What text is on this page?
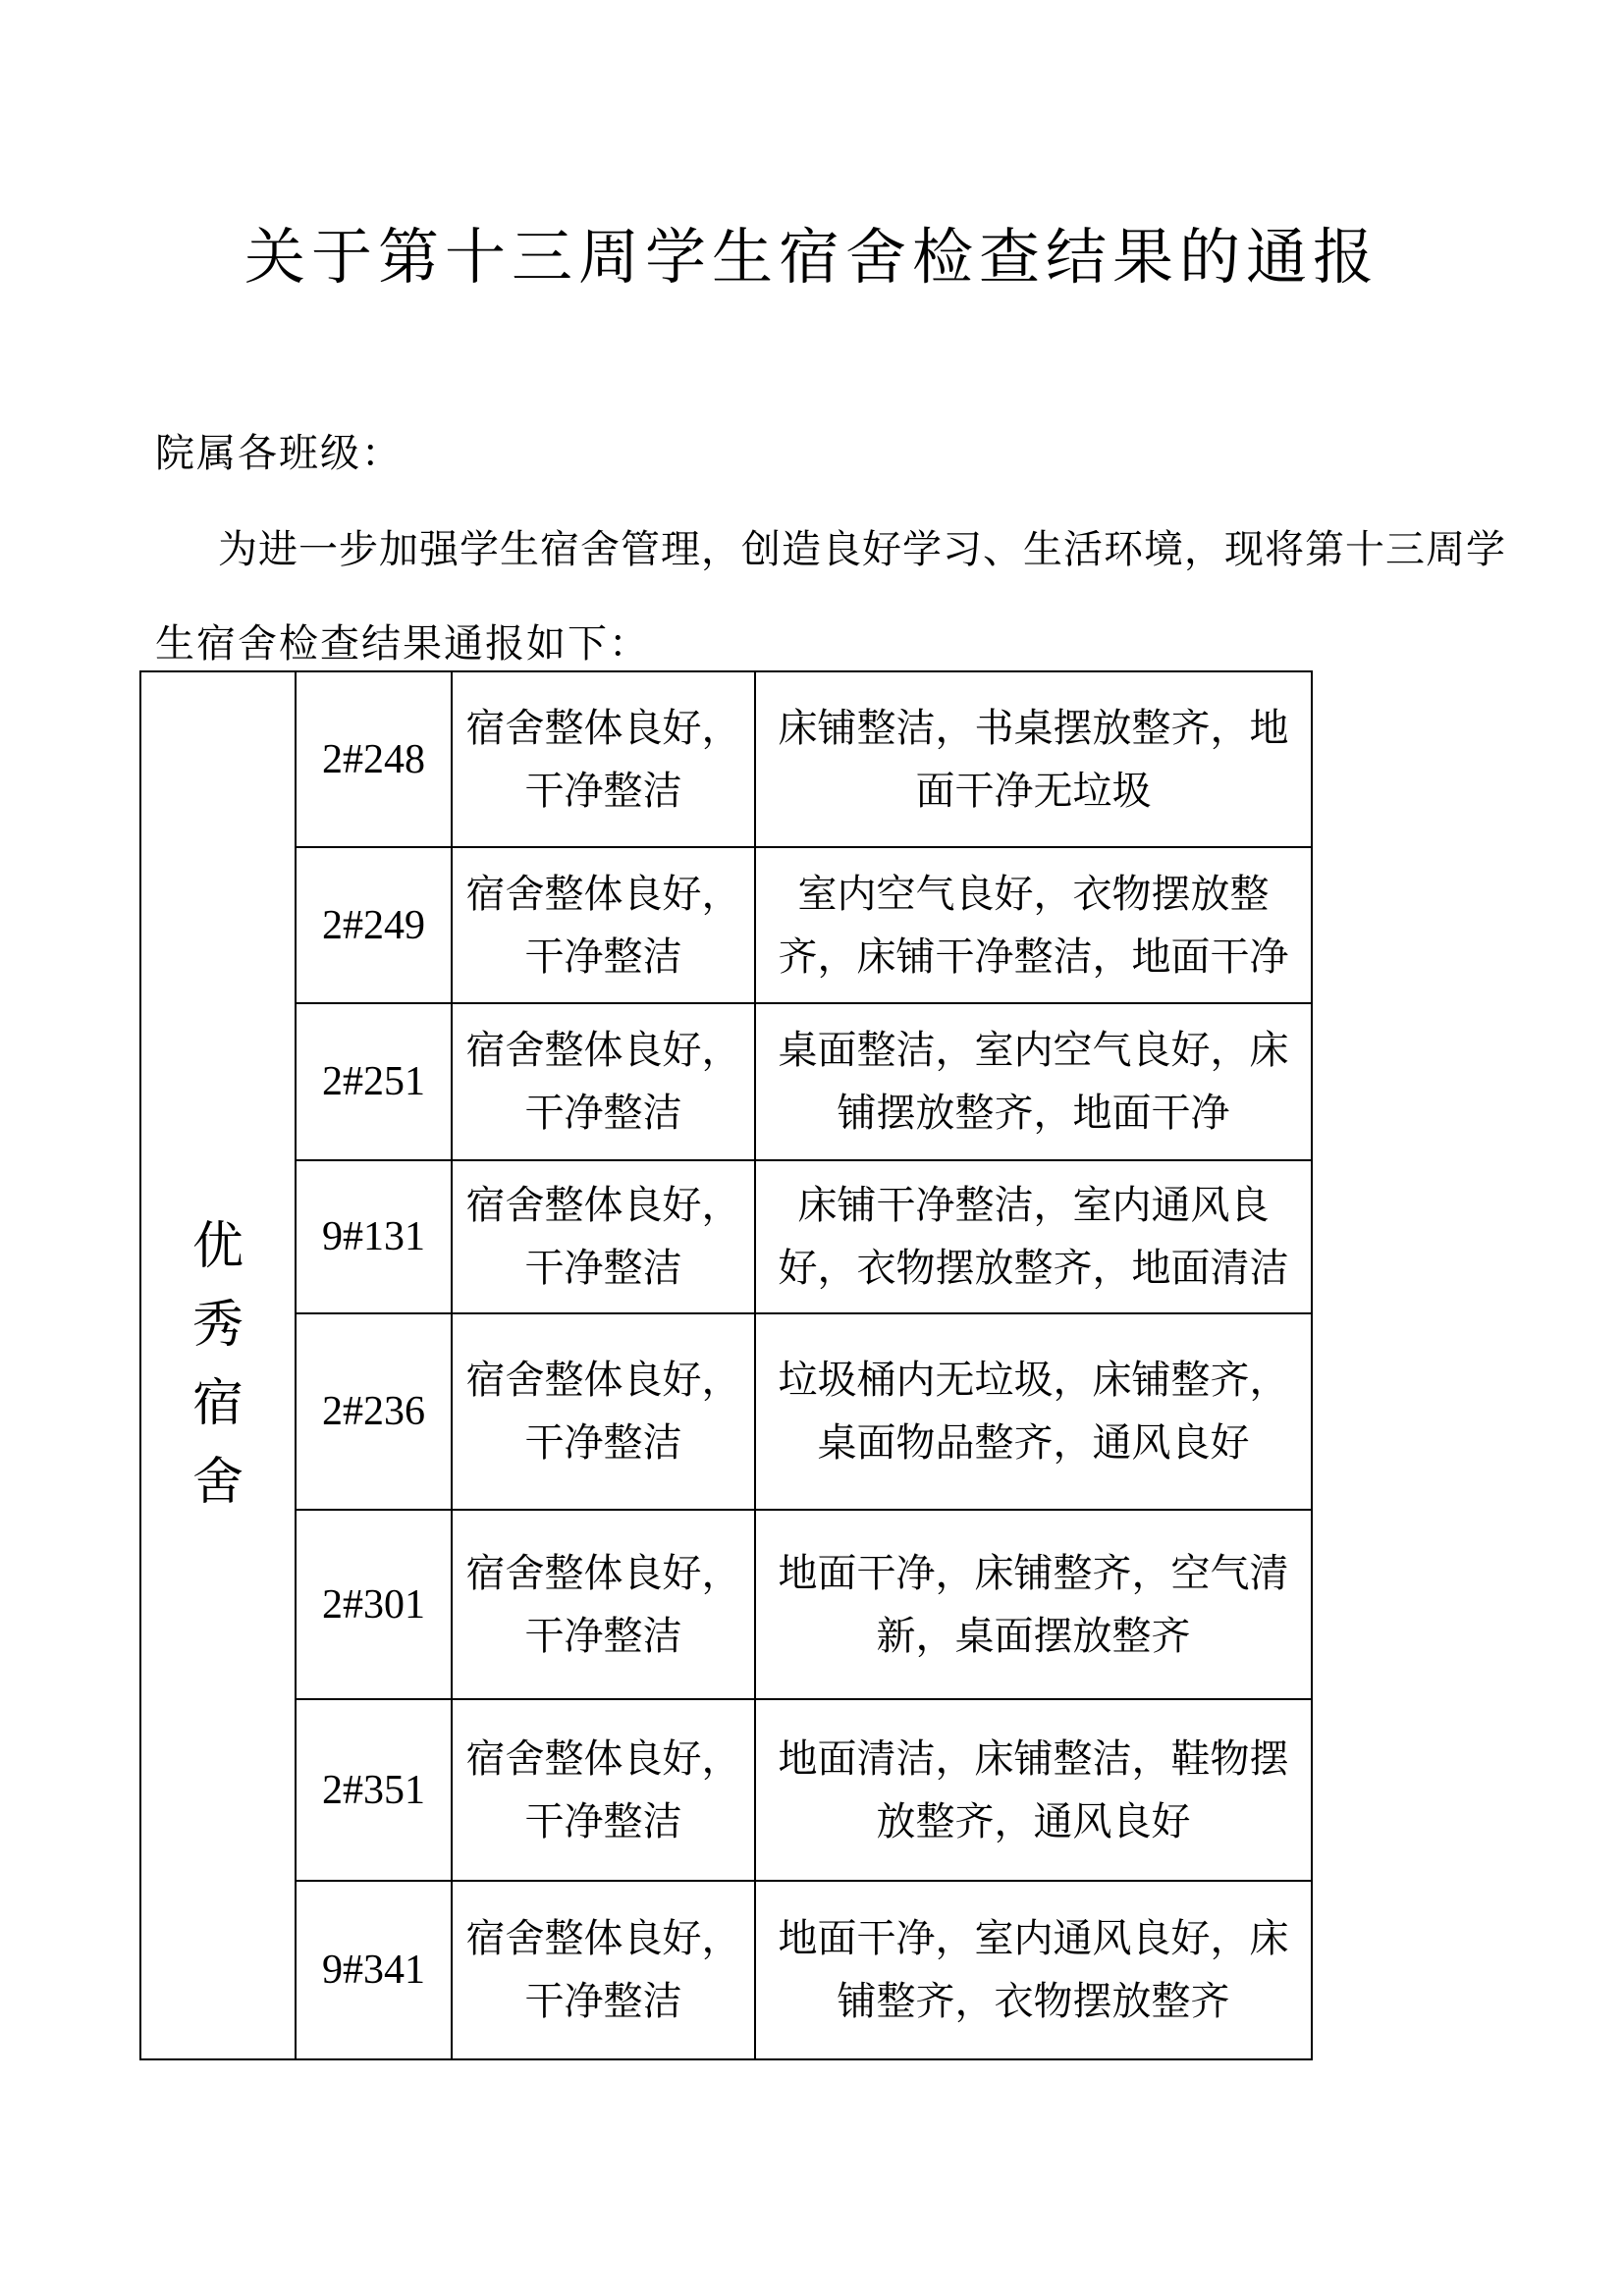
关于第十三周学生宿舍检查结果的通报

院属各班级：

为进一步加强学生宿舍管理，创造良好学习、生活环境，现将第十三周学

生宿舍检查结果通报如下：

优秀宿舍	2#248	宿舍整体良好，干净整洁	床铺整洁，书桌摆放整齐，地面干净无垃圾
	2#249	宿舍整体良好，干净整洁	室内空气良好，衣物摆放整齐，床铺干净整洁，地面干净
	2#251	宿舍整体良好，干净整洁	桌面整洁，室内空气良好，床铺摆放整齐，地面干净
	9#131	宿舍整体良好，干净整洁	床铺干净整洁，室内通风良好，衣物摆放整齐，地面清洁
	2#236	宿舍整体良好，干净整洁	垃圾桶内无垃圾，床铺整齐，桌面物品整齐，通风良好
	2#301	宿舍整体良好，干净整洁	地面干净，床铺整齐，空气清新，桌面摆放整齐
	2#351	宿舍整体良好，干净整洁	地面清洁，床铺整洁，鞋物摆放整齐，通风良好
	9#341	宿舍整体良好，干净整洁	地面干净，室内通风良好，床铺整齐，衣物摆放整齐
